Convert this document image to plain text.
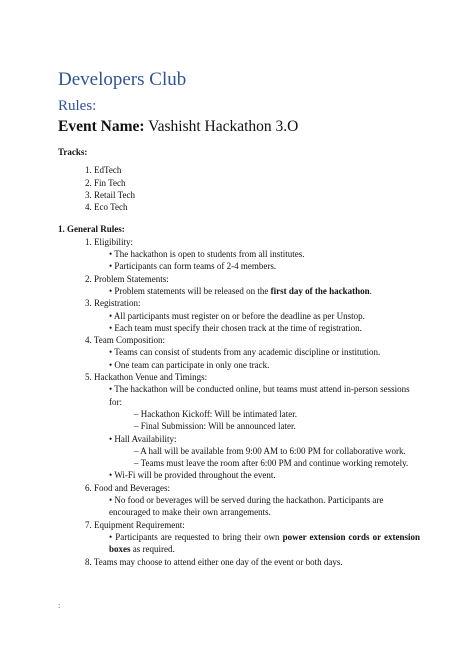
Developers Club
Rules:
Event Name: Vashisht Hackathon 3.O
Tracks:
1. EdTech
2. Fin Tech
3. Retail Tech
4. Eco Tech
1. General Rules:
1. Eligibility:
• The hackathon is open to students from all institutes.
• Participants can form teams of 2-4 members.
2. Problem Statements:
• Problem statements will be released on the first day of the hackathon.
3. Registration:
• All participants must register on or before the deadline as per Unstop.
• Each team must specify their chosen track at the time of registration.
4. Team Composition:
• Teams can consist of students from any academic discipline or institution.
• One team can participate in only one track.
5. Hackathon Venue and Timings:
• The hackathon will be conducted online, but teams must attend in-person sessions for:
– Hackathon Kickoff: Will be intimated later.
– Final Submission: Will be announced later.
• Hall Availability:
– A hall will be available from 9:00 AM to 6:00 PM for collaborative work.
– Teams must leave the room after 6:00 PM and continue working remotely.
• Wi-Fi will be provided throughout the event.
6. Food and Beverages:
• No food or beverages will be served during the hackathon. Participants are encouraged to make their own arrangements.
7. Equipment Requirement:
• Participants are requested to bring their own power extension cords or extension boxes as required.
8. Teams may choose to attend either one day of the event or both days.
:
